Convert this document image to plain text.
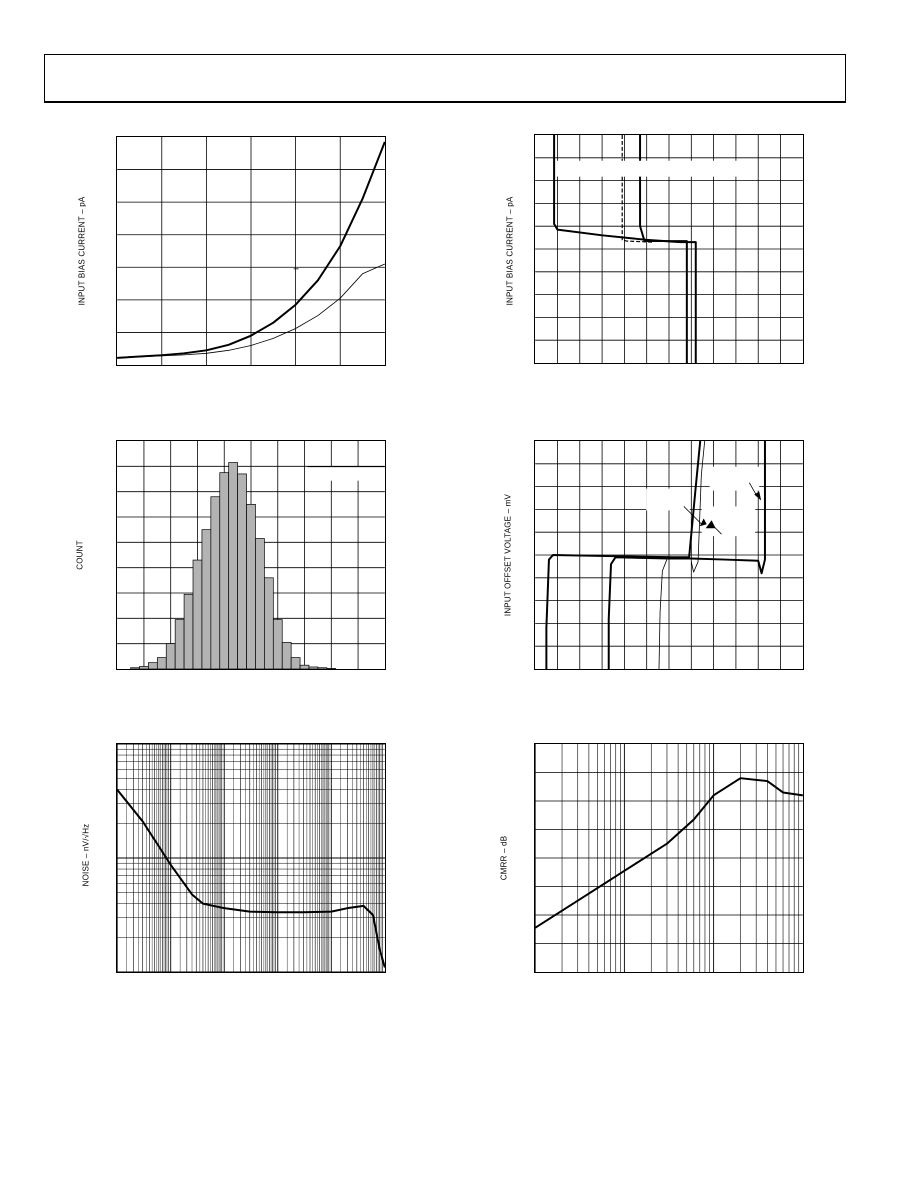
INPUT BIAS CURRENT – pA	INPUT BIAS CURRENT – pA
COUNT	INPUT OFFSET VOLTAGE – mV
NOISE – nV/√Hz	CMRR – dB
